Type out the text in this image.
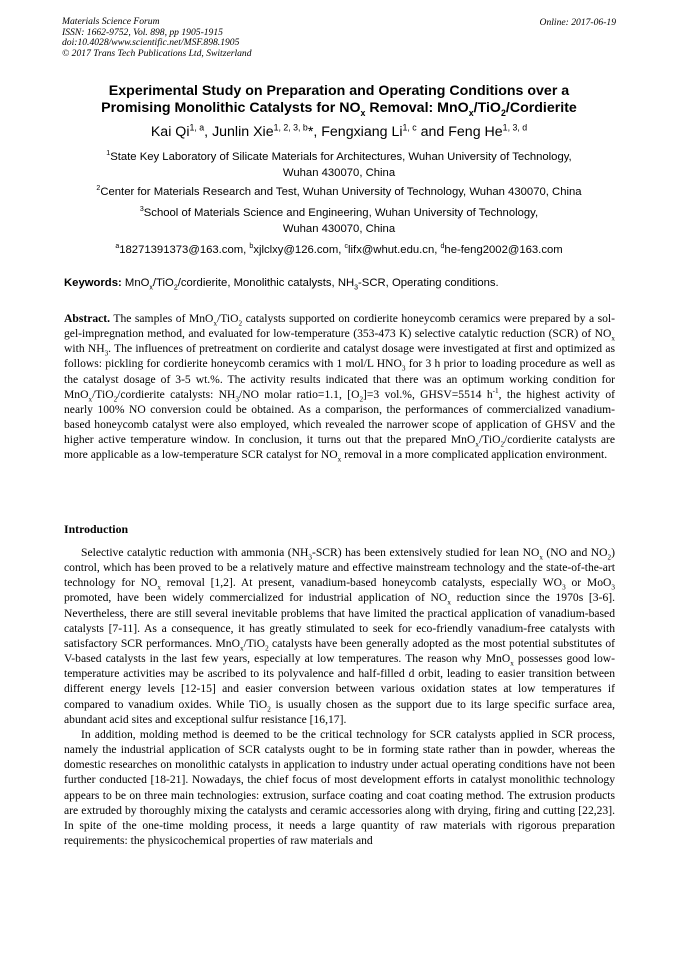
Materials Science Forum
ISSN: 1662-9752, Vol. 898, pp 1905-1915
doi:10.4028/www.scientific.net/MSF.898.1905
© 2017 Trans Tech Publications Ltd, Switzerland
Online: 2017-06-19
Experimental Study on Preparation and Operating Conditions over a
Promising Monolithic Catalysts for $NO_x$ Removal: MnO$_x$/TiO$_2$/Cordierite
Kai Qi$^{1, a}$, Junlin Xie$^{1, 2, 3, b}$*, Fengxiang Li$^{1, c}$ and Feng He$^{1, 3, d}$
$^1$State Key Laboratory of Silicate Materials for Architectures, Wuhan University of Technology,
Wuhan 430070, China
$^2$Center for Materials Research and Test, Wuhan University of Technology, Wuhan 430070, China
$^3$School of Materials Science and Engineering, Wuhan University of Technology,
Wuhan 430070, China
$^a$18271391373@163.com, $^b$xjlclxy@126.com, $^c$lifx@whut.edu.cn, $^d$he-feng2002@163.com
Keywords: MnO$_x$/TiO$_2$/cordierite, Monolithic catalysts, $NH_3$-SCR, Operating conditions.

Abstract. The samples of MnO$_x$/TiO$_2$ catalysts supported on cordierite honeycomb ceramics were prepared by a sol-gel-impregnation method, and evaluated for low-temperature (353-473 K) selective catalytic reduction (SCR) of $NO_x$ with $NH_3$. The influences of pretreatment on cordierite and catalyst dosage were investigated at first and optimized as follows: pickling for cordierite honeycomb ceramics with 1 mol/L $HNO_3$ for 3 h prior to loading procedure as well as the catalyst dosage of 3-5 wt.%. The activity results indicated that there was an optimum working condition for MnO$_x$/TiO$_2$/cordierite catalysts: $NH_3/NO$ molar ratio=1.1, $[O_2]=3$ vol.%, GHSV=5514 $h^{-1}$, the highest activity of nearly 100% NO conversion could be obtained. As a comparison, the performances of commercialized vanadium-based honeycomb catalyst were also employed, which revealed the narrower scope of application of GHSV and the higher active temperature window. In conclusion, it turns out that the prepared MnO$_x$/TiO$_2$/cordierite catalysts are more applicable as a low-temperature SCR catalyst for $NO_x$ removal in a more complicated application environment.

Introduction

Selective catalytic reduction with ammonia $(NH_3-SCR)$ has been extensively studied for lean $NO_x$ (NO and $NO_2$) control, which has been proved to be a relatively mature and effective mainstream technology and the state-of-the-art technology for $NO_x$ removal [1,2]. At present, vanadium-based honeycomb catalysts, especially $WO_3$ or MoO$_3$ promoted, have been widely commercialized for industrial application of $NO_x$ reduction since the 1970s [3-6]. Nevertheless, there are still several inevitable problems that have limited the practical application of vanadium-based catalysts [7-11]. As a consequence, it has greatly stimulated to seek for eco-friendly vanadium-free catalysts with satisfactory SCR performances. MnO$_x$/TiO$_2$ catalysts have been generally adopted as the most potential substitutes of V-based catalysts in the last few years, especially at low temperatures. The reason why MnO$_x$ possesses good low-temperature activities may be ascribed to its polyvalence and half-filled d orbit, leading to easier transition between different energy levels [12-15] and easier conversion between various oxidation states at low temperatures if compared to vanadium oxides. While TiO$_2$ is usually chosen as the support due to its large specific surface area, abundant acid sites and exceptional sulfur resistance [16,17].

In addition, molding method is deemed to be the critical technology for SCR catalysts applied in SCR process, namely the industrial application of SCR catalysts ought to be in forming state rather than in powder, whereas the domestic researches on monolithic catalysts in application to industry under actual operating conditions have not been further conducted [18-21]. Nowadays, the chief focus of most development efforts in catalyst monolithic technology appears to be on three main technologies: extrusion, surface coating and coat coating method. The extrusion products are extruded by thoroughly mixing the catalysts and ceramic accessories along with drying, firing and cutting [22,23]. In spite of the one-time molding process, it needs a large quantity of raw materials with rigorous preparation requirements: the physicochemical properties of raw materials and
